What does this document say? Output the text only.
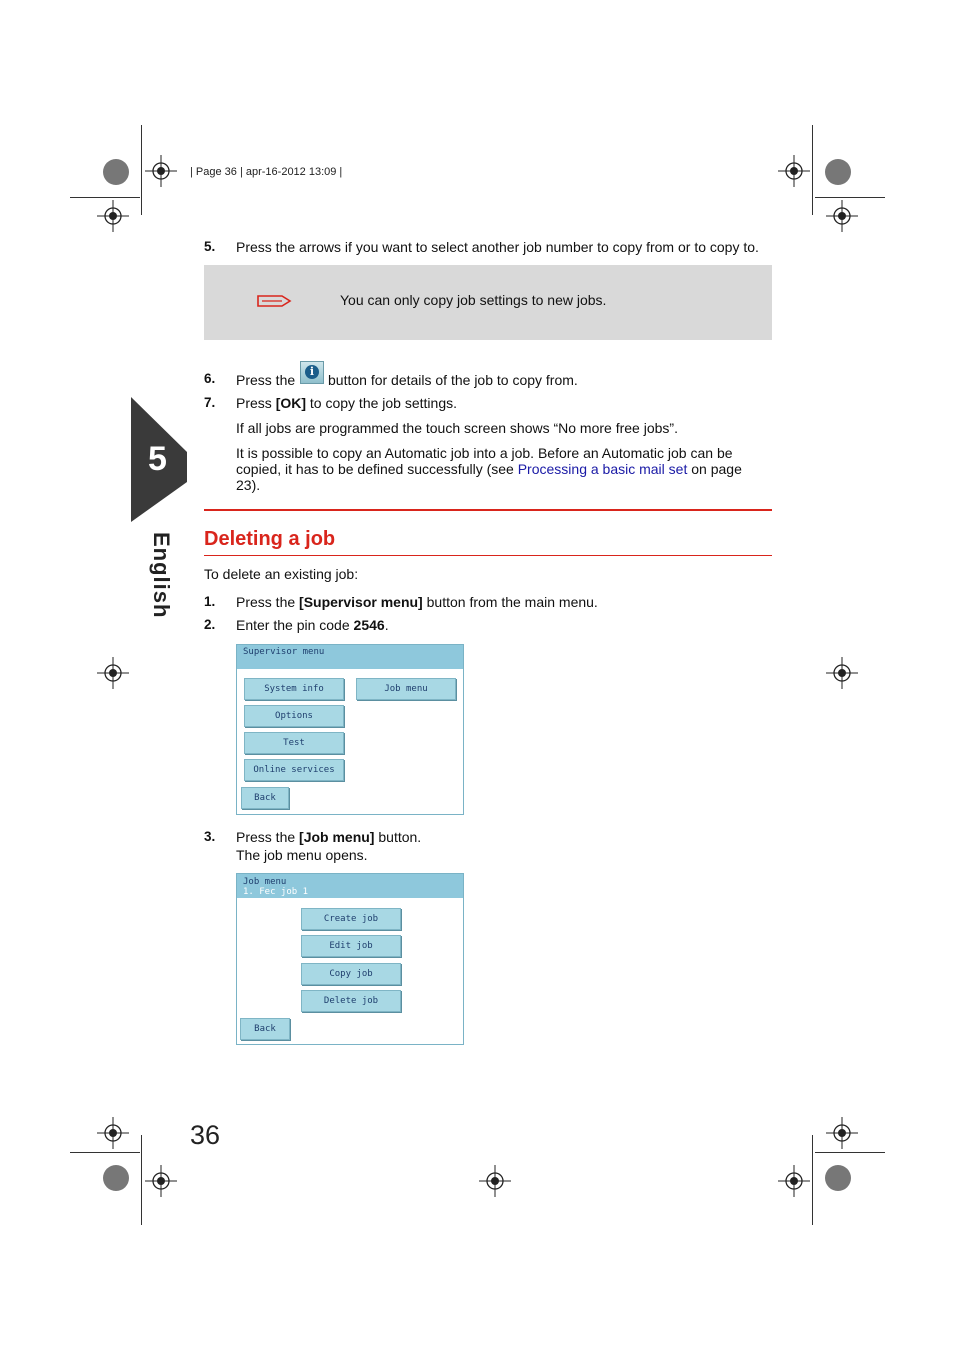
| Page 36 | apr-16-2012 13:09 |
5. Press the arrows if you want to select another job number to copy from or to copy to.
You can only copy job settings to new jobs.
6. Press the
i
button for details of the job to copy from.
7. Press [OK] to copy the job settings.
If all jobs are programmed the touch screen shows “No more free jobs”.
It is possible to copy an Automatic job into a job. Before an Automatic job can be
copied, it has to be defined successfully (see Processing a basic mail set on page
23).
5
English Deleting a job
To delete an existing job:
1. Press the [Supervisor menu] button from the main menu.
2. Enter the pin code 2546.
Supervisor menu
System info	Job menu
Options
Test
Online services
Back
3. Press the [Job menu] button.
The job menu opens.
Job menu
1. Fec job 1
Create job
Edit job
Copy job
Delete job
Back
36
